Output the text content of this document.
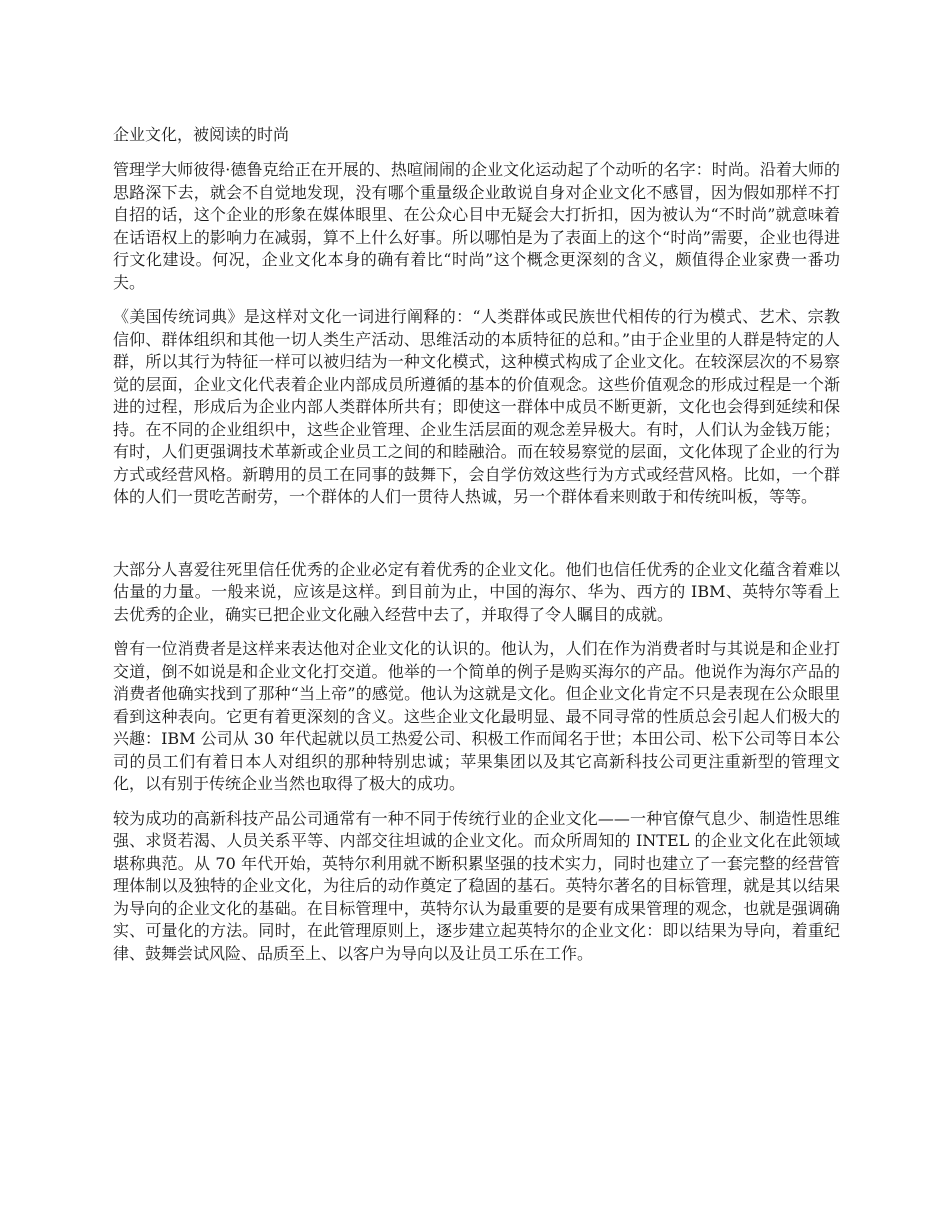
企业文化，被阅读的时尚

管理学大师彼得·德鲁克给正在开展的、热喧闹闹的企业文化运动起了个动听的名字：时尚。沿着大师的思路深下去，就会不自觉地发现，没有哪个重量级企业敢说自身对企业文化不感冒，因为假如那样不打自招的话，这个企业的形象在媒体眼里、在公众心目中无疑会大打折扣，因为被认为“不时尚”就意味着在话语权上的影响力在减弱，算不上什么好事。所以哪怕是为了表面上的这个“时尚”需要，企业也得进行文化建设。何况，企业文化本身的确有着比“时尚”这个概念更深刻的含义，颇值得企业家费一番功夫。

《美国传统词典》是这样对文化一词进行阐释的：“人类群体或民族世代相传的行为模式、艺术、宗教信仰、群体组织和其他一切人类生产活动、思维活动的本质特征的总和。”由于企业里的人群是特定的人群，所以其行为特征一样可以被归结为一种文化模式，这种模式构成了企业文化。在较深层次的不易察觉的层面，企业文化代表着企业内部成员所遵循的基本的价值观念。这些价值观念的形成过程是一个渐进的过程，形成后为企业内部人类群体所共有；即使这一群体中成员不断更新，文化也会得到延续和保持。在不同的企业组织中，这些企业管理、企业生活层面的观念差异极大。有时，人们认为金钱万能；有时，人们更强调技术革新或企业员工之间的和睦融洽。而在较易察觉的层面，文化体现了企业的行为方式或经营风格。新聘用的员工在同事的鼓舞下，会自学仿效这些行为方式或经营风格。比如，一个群体的人们一贯吃苦耐劳，一个群体的人们一贯待人热诚，另一个群体看来则敢于和传统叫板，等等。

大部分人喜爱往死里信任优秀的企业必定有着优秀的企业文化。他们也信任优秀的企业文化蕴含着难以估量的力量。一般来说，应该是这样。到目前为止，中国的海尔、华为、西方的 IBM、英特尔等看上去优秀的企业，确实已把企业文化融入经营中去了，并取得了令人瞩目的成就。

曾有一位消费者是这样来表达他对企业文化的认识的。他认为，人们在作为消费者时与其说是和企业打交道，倒不如说是和企业文化打交道。他举的一个简单的例子是购买海尔的产品。他说作为海尔产品的消费者他确实找到了那种“当上帝”的感觉。他认为这就是文化。但企业文化肯定不只是表现在公众眼里看到这种表向。它更有着更深刻的含义。这些企业文化最明显、最不同寻常的性质总会引起人们极大的兴趣：IBM 公司从 30 年代起就以员工热爱公司、积极工作而闻名于世；本田公司、松下公司等日本公司的员工们有着日本人对组织的那种特别忠诚；苹果集团以及其它高新科技公司更注重新型的管理文化，以有别于传统企业当然也取得了极大的成功。

较为成功的高新科技产品公司通常有一种不同于传统行业的企业文化——一种官僚气息少、制造性思维强、求贤若渴、人员关系平等、内部交往坦诚的企业文化。而众所周知的 INTEL 的企业文化在此领域堪称典范。从 70 年代开始，英特尔利用就不断积累坚强的技术实力，同时也建立了一套完整的经营管理体制以及独特的企业文化，为往后的动作奠定了稳固的基石。英特尔著名的目标管理，就是其以结果为导向的企业文化的基础。在目标管理中，英特尔认为最重要的是要有成果管理的观念，也就是强调确实、可量化的方法。同时，在此管理原则上，逐步建立起英特尔的企业文化：即以结果为导向，着重纪律、鼓舞尝试风险、品质至上、以客户为导向以及让员工乐在工作。
